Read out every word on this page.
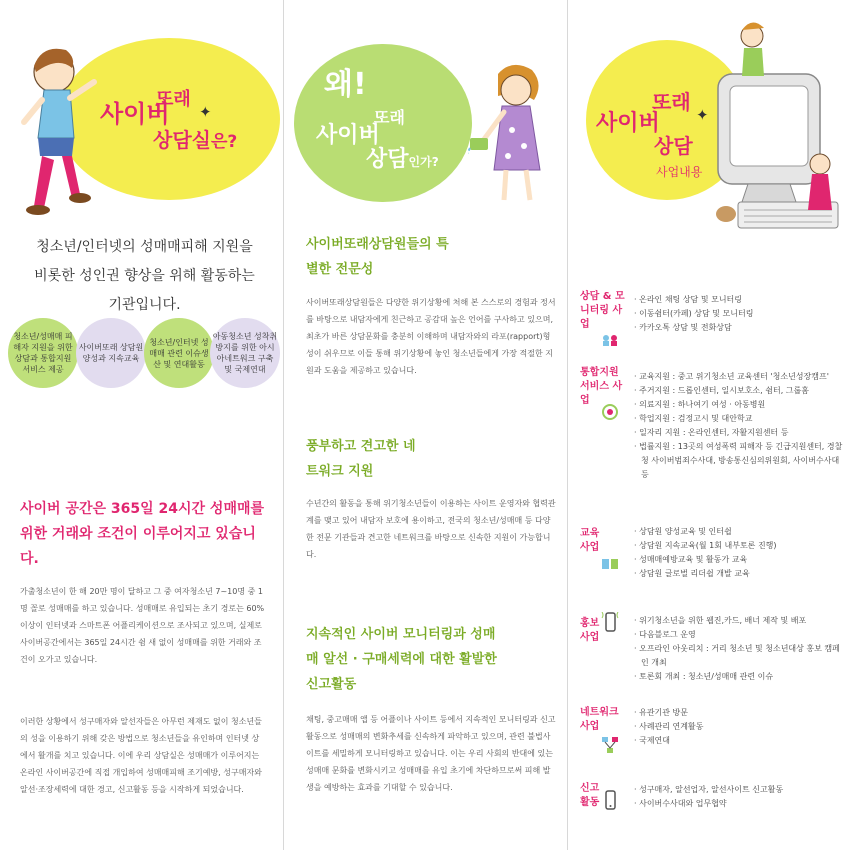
사이버
또래
✦
상담실은?
청소년/인터넷의 성매매피해 지원을 비롯한 성인권 향상을 위해 활동하는 기관입니다.
청소년/성매매 피해자 지원을 위한 상담과 통합지원 서비스 제공
사이버또래 상담원 양성과 지속교육
청소년/인터넷 성매매 관련 이슈생산 및 연대활동
아동청소년 성착취 방지를 위한 아시아네트워크 구축 및 국제연대
사이버 공간은 365일 24시간 성매매를 위한 거래와 조건이 이루어지고 있습니다.
가출청소년이 한 해 20만 명이 달하고 그 중 여자청소년 7~10명 중 1명 꼴로 성매매를 하고 있습니다. 성매매로 유입되는 초기 경로는 60% 이상이 인터넷과 스마트폰 어플리케이션으로 조사되고 있으며, 실제로 사이버공간에서는 365일 24시간 쉼 새 없이 성매매를 위한 거래와 조건이 오가고 있습니다.
이러한 상황에서 성구매자와 알선자들은 아무런 제재도 없이 청소년들의 성을 이용하기 위해 갖은 방법으로 청소년들을 유인하며 인터넷 상에서 활개를 치고 있습니다. 이에 우리 상담실은 성매매가 이루어지는 온라인 사이버공간에 직접 개입하여 성매매피해 조기예방, 성구매자와 알선·조장세력에 대한 경고, 신고활동 등을 시작하게 되었습니다.
왜!
사이버
또래
상담인가?
사이버또래상담원들의 특별한 전문성
사이버또래상담원들은 다양한 위기상황에 처해 본 스스로의 경험과 정서를 바탕으로 내담자에게 친근하고 공감대 높은 언어를 구사하고 있으며, 최초가 바른 상담문화를 충분히 이해하며 내담자와의 라포(rapport)형성이 쉬우므로 이들 통해 위기상황에 놓인 청소년들에게 가장 적절한 지원과 도움을 제공하고 있습니다.
풍부하고 견고한 네트워크 지원
수년간의 활동을 통해 위기청소년들이 이용하는 사이트 운영자와 협력관계를 맺고 있어 내담자 보호에 용이하고, 전국의 청소년/성매매 등 다양한 전문 기관들과 견고한 네트워크를 바탕으로 신속한 지원이 가능합니다.
지속적인 사이버 모니터링과 성매매 알선 · 구매세력에 대한 활발한 신고활동
채팅, 중고매매 앱 등 어플이나 사이트 등에서 지속적인 모니터링과 신고활동으로 성매매의 변화추세를 신속하게 파악하고 있으며, 관련 불법사이트를 세밀하게 모니터링하고 있습니다. 이는 우리 사회의 반대에 있는 성매매 문화를 변화시키고 성매매를 유입 초기에 차단하므로써 피해 발생을 예방하는 효과를 기대할 수 있습니다.
사이버
또래
✦
상담
사업내용
상담 & 모니터링 사업
· 온라인 채팅 상담 및 모니터링
· 이동쉼터(카페) 상담 및 모니터링
· 카카오톡 상담 및 전화상담
통합지원 서비스 사업
· 교육지원 : 중고 위기청소년 교육센터 '청소년성장캠프'
· 주거지원 : 드롭인센터, 일시보호소, 쉼터, 그룹홈
· 의료지원 : 하나여기 여성 · 아동병원
· 학업지원 : 검정고시 및 대안학교
· 일자리 지원 : 온라인센터, 자활지원센터 등
· 법률지원 : 13곳의 여성폭력 피해자 등 긴급지원센터, 경찰청 사이버범죄수사대, 방송통신심의위원회, 사이버수사대 등
교육 사업
· 상담원 양성교육 및 인터쉽
· 상담원 지속교육(월 1회 내부토론 진행)
· 성매매예방교육 및 활동가 교육
· 상담원 글로벌 리더쉽 개발 교육
홍보 사업
· 위기청소년을 위한 웹진,카드, 배너 제작 및 배포
· 다음블로그 운영
· 오프라인 아웃리치 : 거리 청소년 및 청소년대상 홍보 캠페인 개최
· 토론회 개최 : 청소년/성매매 관련 이슈
네트워크 사업
· 유관기관 방문
· 사례관리 연계활동
· 국제연대
신고 활동
· 성구매자, 알선업자, 알선사이트 신고활동
· 사이버수사대와 업무협약
